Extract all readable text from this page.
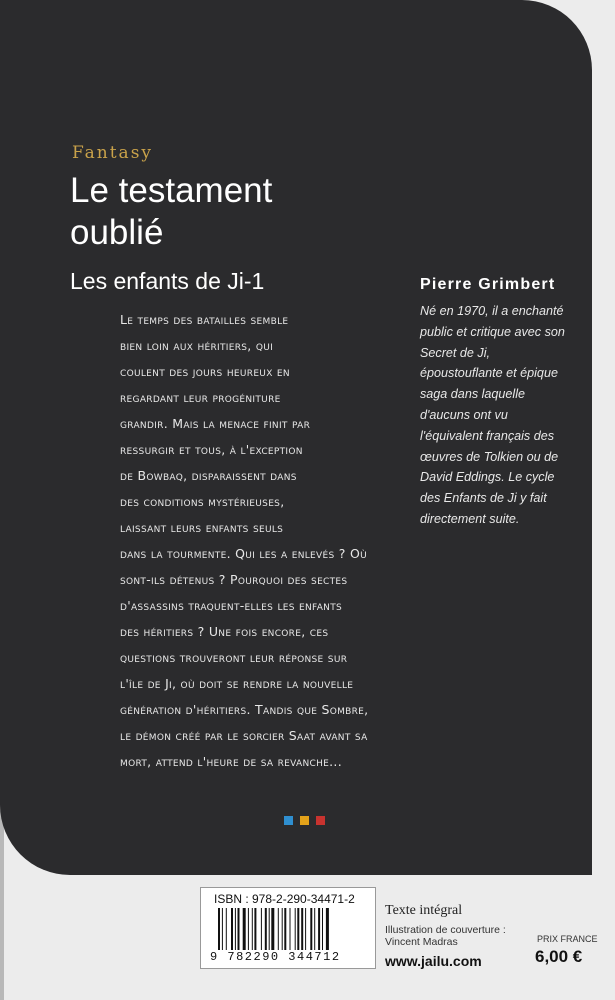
Fantasy
Le testament oublié
Les enfants de Ji-1	Pierre Grimbert
Né en 1970, il a enchanté public et critique avec son Secret de Ji, époustouflante et épique saga dans laquelle d'aucuns ont vu l'équivalent français des œuvres de Tolkien ou de David Eddings. Le cycle des Enfants de Ji y fait directement suite.
Le temps des batailles semble
bien loin aux héritiers, qui
coulent des jours heureux en
regardant leur progéniture
grandir. Mais la menace finit par
ressurgir et tous, à l'exception
de Bowbaq, disparaissent dans
des conditions mystérieuses,
laissant leurs enfants seuls
dans la tourmente. Qui les a enlevés ? Où
sont-ils détenus ? Pourquoi des sectes
d'assassins traquent-elles les enfants
des héritiers ? Une fois encore, ces
questions trouveront leur réponse sur
l'île de Ji, où doit se rendre la nouvelle
génération d'héritiers. Tandis que Sombre,
le démon créé par le sorcier Saat avant sa
mort, attend l'heure de sa revanche...
ISBN : 978-2-290-34471-2
9 782290 344712
Texte intégral
Illustration de couverture :
Vincent Madras
www.jailu.com
PRIX FRANCE
6,00 €
